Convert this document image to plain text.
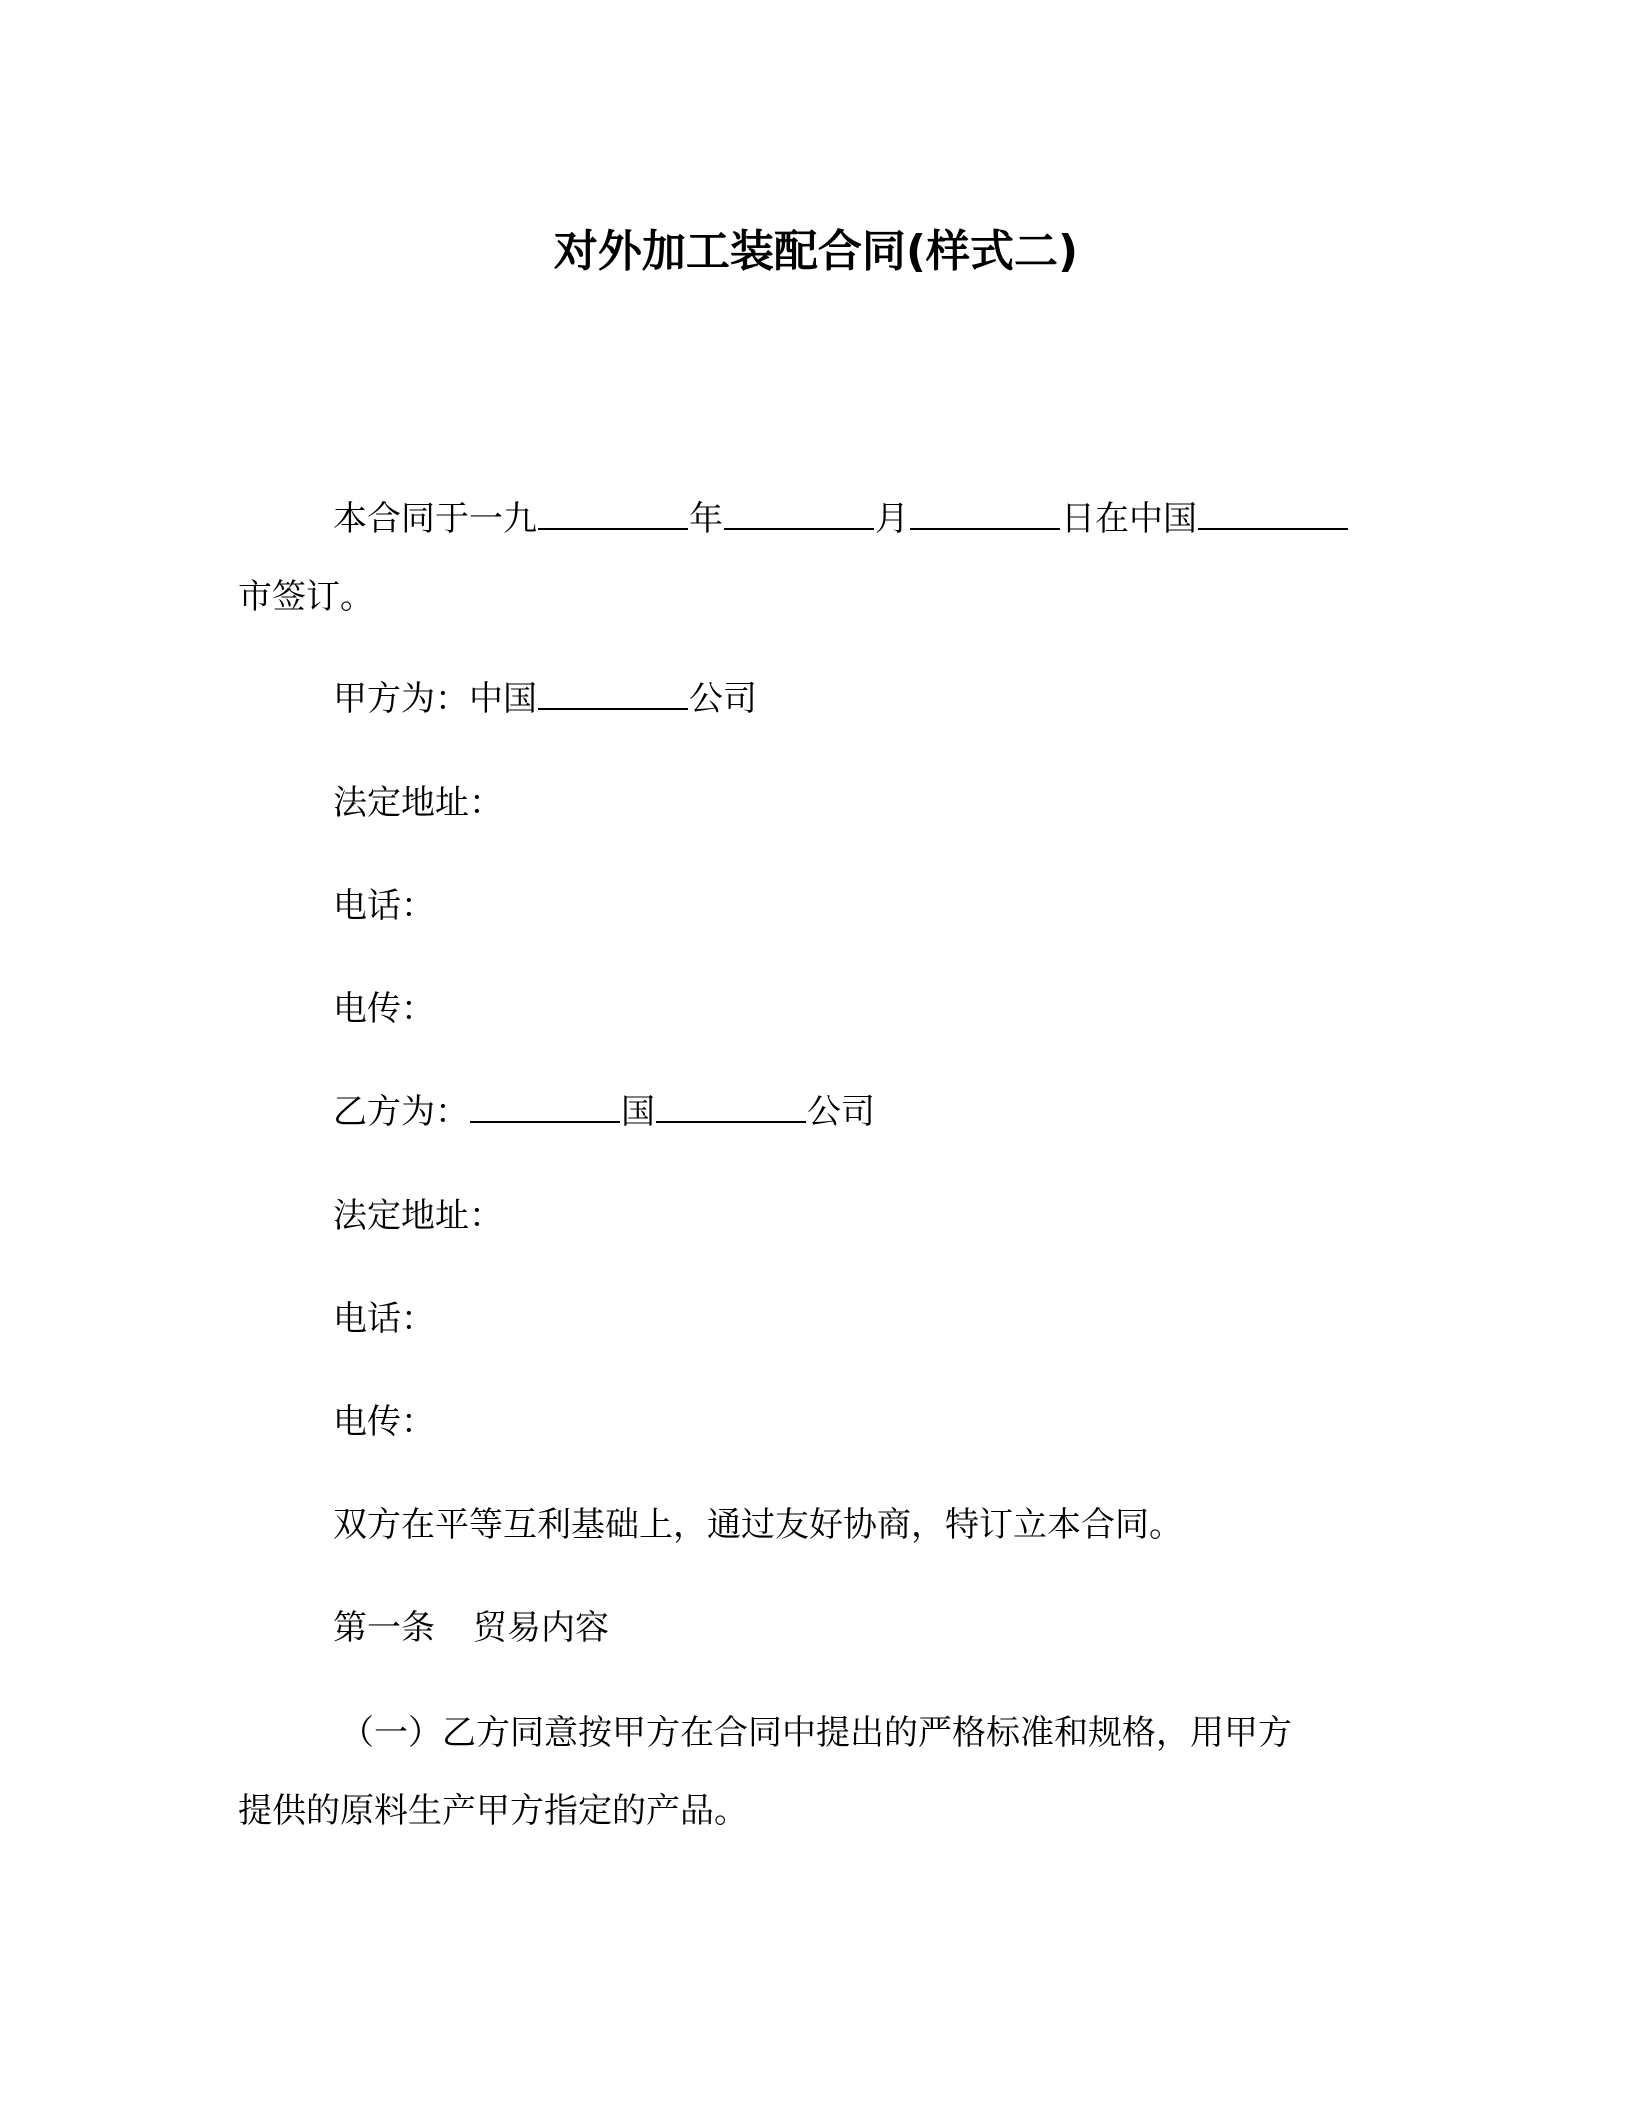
对外加工装配合同(样式二)
本合同于一九	年	月	日在中国
市签订。
甲方为：中国	公司
法定地址：
电话：
电传：
乙方为：	国	公司
法定地址：
电话：
电传：
双方在平等互利基础上，通过友好协商，特订立本合同。
第一条 贸易内容
（一）乙方同意按甲方在合同中提出的严格标准和规格，用甲方
提供的原料生产甲方指定的产品。
